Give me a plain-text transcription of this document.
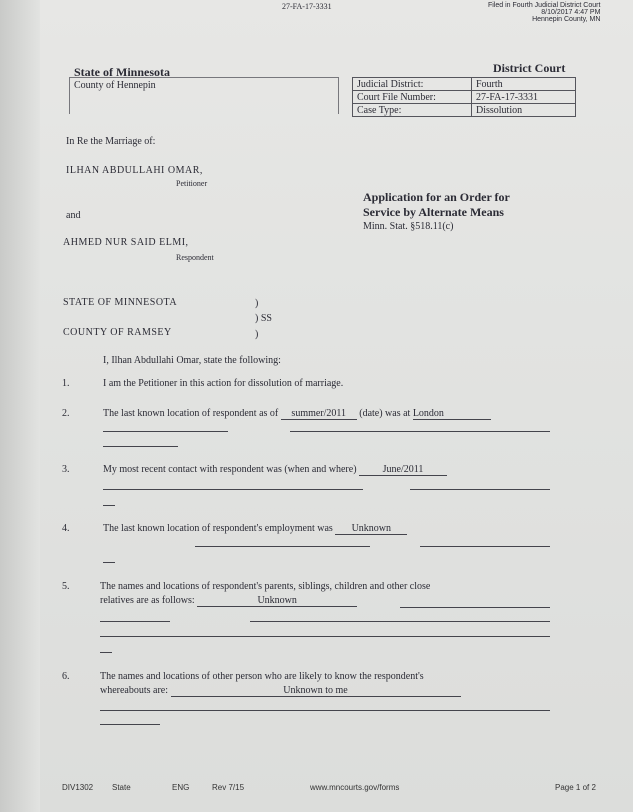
27-FA-17-3331	Filed in Fourth Judicial District Court
8/10/2017 4:47 PM
Hennepin County, MN
State of Minnesota
County of Hennepin
District Court
Judicial District:	Fourth
Court File Number:	27-FA-17-3331
Case Type:	Dissolution
In Re the Marriage of:
ILHAN ABDULLAHI OMAR,
Petitioner
and
AHMED NUR SAID ELMI,
Respondent
Application for an Order for
Service by Alternate Means
Minn. Stat. §518.11(c)
STATE OF MINNESOTA	)
) SS
COUNTY OF RAMSEY	)
I, Ilhan Abdullahi Omar, state the following:
1.	I am the Petitioner in this action for dissolution of marriage.
2.	The last known location of respondent as of summer/2011 (date) was at London
3.	My most recent contact with respondent was (when and where)	June/2011
4.	The last known location of respondent's employment was Unknown
5.	The names and locations of respondent's parents, siblings, children and other close
relatives are as follows:	Unknown
6.	The names and locations of other person who are likely to know the respondent's
whereabouts are:	Unknown to me
DIV1302 State	ENG	Rev 7/15	www.mncourts.gov/forms	Page 1 of 2
